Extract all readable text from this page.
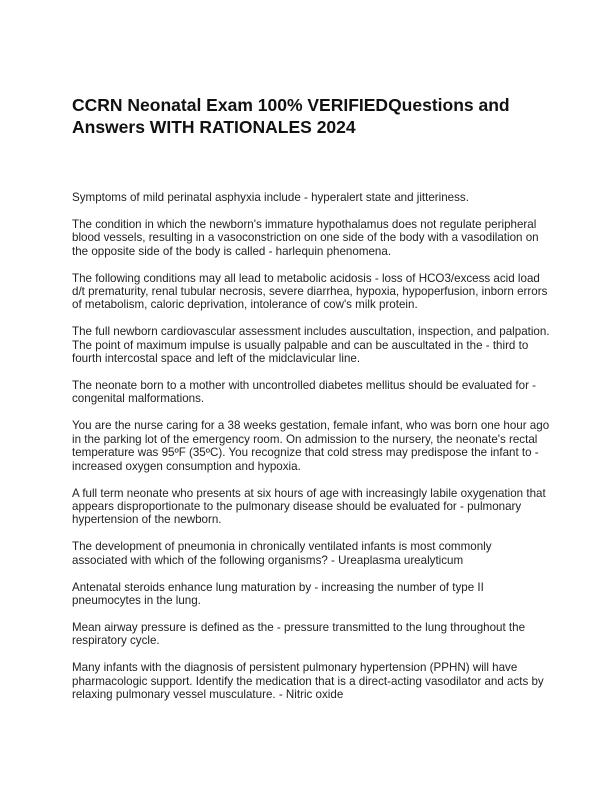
CCRN Neonatal Exam 100% VERIFIEDQuestions and
Answers WITH RATIONALES 2024

Symptoms of mild perinatal asphyxia include - hyperalert state and jitteriness.

The condition in which the newborn's immature hypothalamus does not regulate peripheral blood vessels, resulting in a vasoconstriction on one side of the body with a vasodilation on the opposite side of the body is called - harlequin phenomena.

The following conditions may all lead to metabolic acidosis - loss of HCO3/excess acid load d/t prematurity, renal tubular necrosis, severe diarrhea, hypoxia, hypoperfusion, inborn errors of metabolism, caloric deprivation, intolerance of cow's milk protein.

The full newborn cardiovascular assessment includes auscultation, inspection, and palpation. The point of maximum impulse is usually palpable and can be auscultated in the - third to fourth intercostal space and left of the midclavicular line.

The neonate born to a mother with uncontrolled diabetes mellitus should be evaluated for - congenital malformations.

You are the nurse caring for a 38 weeks gestation, female infant, who was born one hour ago in the parking lot of the emergency room. On admission to the nursery, the neonate's rectal temperature was 95ºF (35ºC). You recognize that cold stress may predispose the infant to - increased oxygen consumption and hypoxia.

A full term neonate who presents at six hours of age with increasingly labile oxygenation that appears disproportionate to the pulmonary disease should be evaluated for - pulmonary hypertension of the newborn.

The development of pneumonia in chronically ventilated infants is most commonly associated with which of the following organisms? - Ureaplasma urealyticum

Antenatal steroids enhance lung maturation by - increasing the number of type II pneumocytes in the lung.

Mean airway pressure is defined as the - pressure transmitted to the lung throughout the respiratory cycle.

Many infants with the diagnosis of persistent pulmonary hypertension (PPHN) will have pharmacologic support. Identify the medication that is a direct-acting vasodilator and acts by relaxing pulmonary vessel musculature. - Nitric oxide
